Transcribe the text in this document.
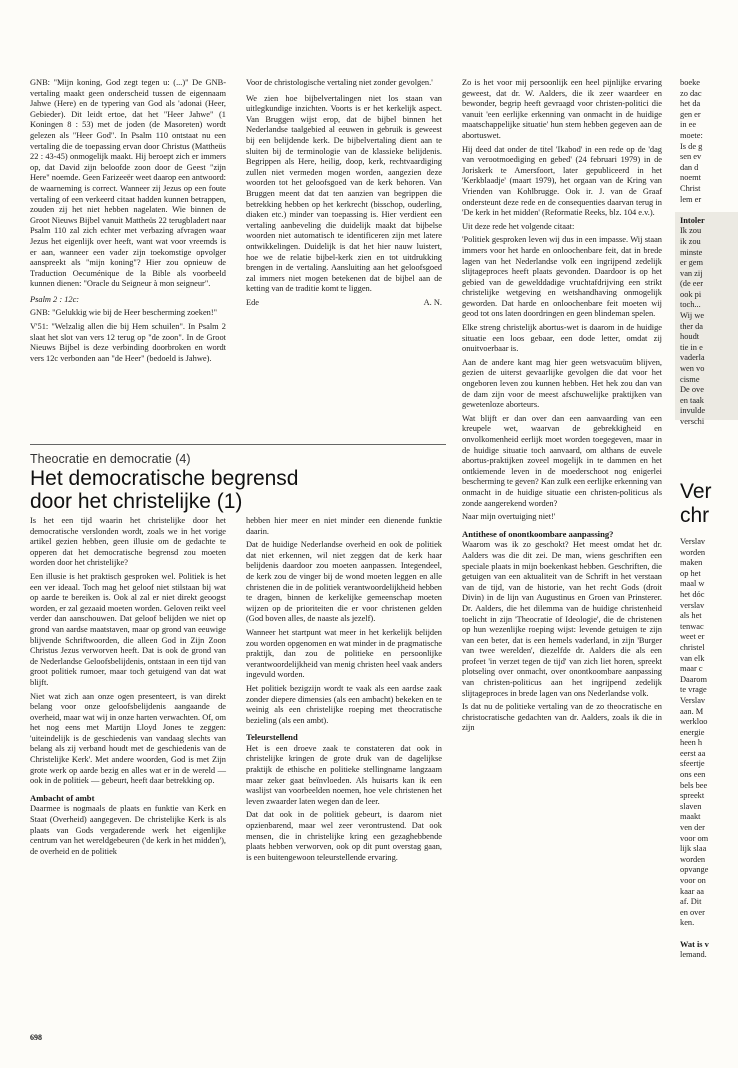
GNB: "Mijn koning, God zegt tegen u: (...)" De GNB-vertaling maakt geen onderscheid tussen de eigennaam Jahwe (Here) en de typering van God als 'adonai (Heer, Gebieder). Dit leidt ertoe, dat het "Heer Jahwe" (1 Koningen 8 : 53) met de joden (de Masoreten) wordt gelezen als "Heer God". In Psalm 110 ontstaat nu een vertaling die de toepassing ervan door Christus (Mattheüs 22 : 43-45) onmogelijk maakt. Hij beroept zich er immers op, dat David zijn beloofde zoon door de Geest "zijn Here" noemde. Geen Farizeeër weet daarop een antwoord: de waarneming is correct. Wanneer zij Jezus op een foute vertaling of een verkeerd citaat hadden kunnen betrappen, zouden zij het niet hebben nagelaten. Wie binnen de Groot Nieuws Bijbel vanuit Mattheüs 22 terugbladert naar Psalm 110 zal zich echter met verbazing afvragen waar Jezus het eigenlijk over heeft, want wat voor vreemds is er aan, wanneer een vader zijn toekomstige opvolger aanspreekt als "mijn koning"? Hier zou opnieuw de Traduction Oecuménique de la Bible als voorbeeld kunnen dienen: "Oracle du Seigneur à mon seigneur".

Psalm 2 : 12c:

GNB: "Gelukkig wie bij de Heer bescherming zoeken!"

V'51: "Welzalig allen die bij Hem schuilen". In Psalm 2 slaat het slot van vers 12 terug op "de zoon". In de Groot Nieuws Bijbel is deze verbinding doorbroken en wordt vers 12c verbonden aan "de Heer" (bedoeld is Jahwe).

Voor de christologische vertaling niet zonder gevolgen.'

We zien hoe bijbelvertalingen niet los staan van uitlegkundige inzichten. Voorts is er het kerkelijk aspect. Van Bruggen wijst erop, dat de bijbel binnen het Nederlandse taalgebied al eeuwen in gebruik is geweest bij een belijdende kerk. De bijbelvertaling dient aan te sluiten bij de terminologie van de klassieke belijdenis. Begrippen als Here, heilig, doop, kerk, rechtvaardiging zullen niet vermeden mogen worden, aangezien deze woorden tot het geloofsgoed van de kerk behoren. Van Bruggen meent dat dat ten aanzien van begrippen die betrekking hebben op het kerkrecht (bisschop, ouderling, diaken etc.) minder van toepassing is. Hier verdient een vertaling aanbeveling die duidelijk maakt dat bijbelse woorden niet automatisch te identificeren zijn met latere ontwikkelingen. Duidelijk is dat het hier nauw luistert, hoe we de relatie bijbel-kerk zien en tot uitdrukking brengen in de vertaling. Aansluiting aan het geloofsgoed zal immers niet mogen betekenen dat de bijbel aan de ketting van de traditie komt te liggen.

Ede	A. N.
Theocratie en democratie (4)
Het democratische begrensd
door het christelijke (1)

Is het een tijd waarin het christelijke door het democratische verslonden wordt, zoals we in het vorige artikel gezien hebben, geen illusie om de gedachte te opperen dat het democratische begrensd zou moeten worden door het christelijke?

Een illusie is het praktisch gesproken wel. Politiek is het een ver ideaal. Toch mag het geloof niet stilstaan bij wat op aarde te bereiken is. Ook al zal er niet direkt geoogst worden, er zal gezaaid moeten worden. Geloven reikt veel verder dan aanschouwen. Dat geloof belijden we niet op grond van aardse maatstaven, maar op grond van eeuwige blijvende Schriftwoorden, die alleen God in Zijn Zoon Christus Jezus verworven heeft. Dat is ook de grond van de Nederlandse Geloofsbelijdenis, ontstaan in een tijd van groot politiek rumoer, maar toch getuigend van dat wat blijft.

Niet wat zich aan onze ogen presenteert, is van direkt belang voor onze geloofsbelijdenis aangaande de overheid, maar wat wij in onze harten verwachten. Of, om het nog eens met Martijn Lloyd Jones te zeggen: 'uiteindelijk is de geschiedenis van vandaag slechts van belang als zij verband houdt met de geschiedenis van de Christelijke Kerk'. Met andere woorden, God is met Zijn grote werk op aarde bezig en alles wat er in de wereld — ook in de politiek — gebeurt, heeft daar betrekking op.

Ambacht of ambt

Daarmee is nogmaals de plaats en funktie van Kerk en Staat (Overheid) aangegeven. De christelijke Kerk is als plaats van Gods vergaderende werk het eigenlijke centrum van het wereldgebeuren ('de kerk in het midden'), de overheid en de politiek

hebben hier meer en niet minder een dienende funktie daarin.

Dat de huidige Nederlandse overheid en ook de politiek dat niet erkennen, wil niet zeggen dat de kerk haar belijdenis daardoor zou moeten aanpassen. Integendeel, de kerk zou de vinger bij de wond moeten leggen en alle christenen die in de politiek verantwoordelijkheid hebben te dragen, binnen de kerkelijke gemeenschap moeten wijzen op de prioriteiten die er voor christenen gelden (God boven alles, de naaste als jezelf).

Wanneer het startpunt wat meer in het kerkelijk belijden zou worden opgenomen en wat minder in de pragmatische praktijk, dan zou de politieke en persoonlijke verantwoordelijkheid van menig christen heel vaak anders ingevuld worden.

Het politiek bezigzijn wordt te vaak als een aardse zaak zonder diepere dimensies (als een ambacht) bekeken en te weinig als een christelijke roeping met theocratische bezieling (als een ambt).

Teleurstellend

Het is een droeve zaak te constateren dat ook in christelijke kringen de grote druk van de dagelijkse praktijk de ethische en politieke stellingname langzaam maar zeker gaat beïnvloeden. Als huisarts kan ik een waslijst van voorbeelden noemen, hoe vele christenen het leven zwaarder laten wegen dan de leer.

Dat dat ook in de politiek gebeurt, is daarom niet opzienbarend, maar wel zeer verontrustend. Dat ook mensen, die in christelijke kring een gezaghebbende plaats hebben verworven, ook op dit punt overstag gaan, is een buitengewoon teleurstellende ervaring.

Zo is het voor mij persoonlijk een heel pijnlijke ervaring geweest, dat dr. W. Aalders, die ik zeer waardeer en bewonder, begrip heeft gevraagd voor christen-politici die vanuit 'een eerlijke erkenning van onmacht in de huidige maatschappelijke situatie' hun stem hebben gegeven aan de abortuswet.

Hij deed dat onder de titel 'Ikabod' in een rede op de 'dag van verootmoediging en gebed' (24 februari 1979) in de Joriskerk te Amersfoort, later gepubliceerd in het 'Kerkblaadje' (maart 1979), het orgaan van de Kring van Vrienden van Kohlbrugge. Ook ir. J. van de Graaf ondersteunt deze rede en de consequenties daarvan terug in 'De kerk in het midden' (Reformatie Reeks, blz. 104 e.v.).

Uit deze rede het volgende citaat:

'Politiek gesproken leven wij dus in een impasse. Wij staan immers voor het harde en onloochenbare feit, dat in brede lagen van het Nederlandse volk een ingrijpend zedelijk slijtageproces heeft plaats gevonden. Daardoor is op het gebied van de gewelddadige vruchtafdrijving een strikt christelijke wetgeving en wetshandhaving onmogelijk geworden. Dat harde en onloochenbare feit moeten wij geod tot ons laten doordringen en geen blindeman spelen.

Elke streng christelijk abortus-wet is daarom in de huidige situatie een loos gebaar, een dode letter, omdat zij onuitvoerbaar is.

Aan de andere kant mag hier geen wetsvacuüm blijven, gezien de uiterst gevaarlijke gevolgen die dat voor het ongeboren leven zou kunnen hebben. Het hek zou dan van de dam zijn voor de meest afschuwelijke praktijken van gewetenloze aborteurs.

Wat blijft er dan over dan een aanvaarding van een kreupele wet, waarvan de gebrekkigheid en onvolkomenheid eerlijk moet worden toegegeven, maar in de huidige situatie toch aanvaard, om althans de euvele abortus-praktijken zoveel mogelijk in te dammen en het ontkiemende leven in de moederschoot nog enigerlei bescherming te geven? Kan zulk een eerlijke erkenning van onmacht in de huidige situatie een christen-politicus als zonde aangerekend worden?

Naar mijn overtuiging niet!'

Antithese of onontkoombare aanpassing?

Waarom was ik zo geschokt? Het meest omdat het dr. Aalders was die dit zei. De man, wiens geschriften een speciale plaats in mijn boekenkast hebben. Geschriften, die getuigen van een aktualiteit van de Schrift in het verstaan van de tijd, van de historie, van het recht Gods (droit Divin) in de lijn van Augustinus en Groen van Prinsterer. Dr. Aalders, die het dilemma van de huidige christenheid toelicht in zijn 'Theocratie of Ideologie', die de christenen op hun wezenlijke roeping wijst: levende getuigen te zijn van een beter, dat is een hemels vaderland, in zijn 'Burger van twee werelden', diezelfde dr. Aalders die als een profeet 'in verzet tegen de tijd' van zich liet horen, spreekt plotseling over onmacht, over onontkoombare aanpassing van christen-politicus aan het ingrijpend zedelijk slijtageproces in brede lagen van ons Nederlandse volk.

Is dat nu de politieke vertaling van de zo theocratische en christocratische gedachten van dr. Aalders, zoals ik die in zijn

boeke
zo dac
het da
gen er
in ee
moete:
Is de g
sen ev
dan d
noemt
Christ
lem er
Intoler
Ik zou
ik zou
minste
er gem
van zij
(de eer
ook pi
toch...
Wij we
ther da
houdt
tie in e
vaderla
wen vo
cisme
De ove
en taak
invulde
verschi
Ver
chr
Verslav
worden
maken
op het
maal w
het dóc
verslav
als het
tenwac
weet er
christel
van elk
maar c
Daarom
te vrage
Verslav
aan. M
werkloo
energie
heen h
eerst aa
sfeertje
ons een
bels bee
spreekt
slaven
maakt
ven der
voor om
lijk slaa
worden
opvange
voor on
kaar aa
af. Dit
en over
ken.
Wat is v
lemand.
698
